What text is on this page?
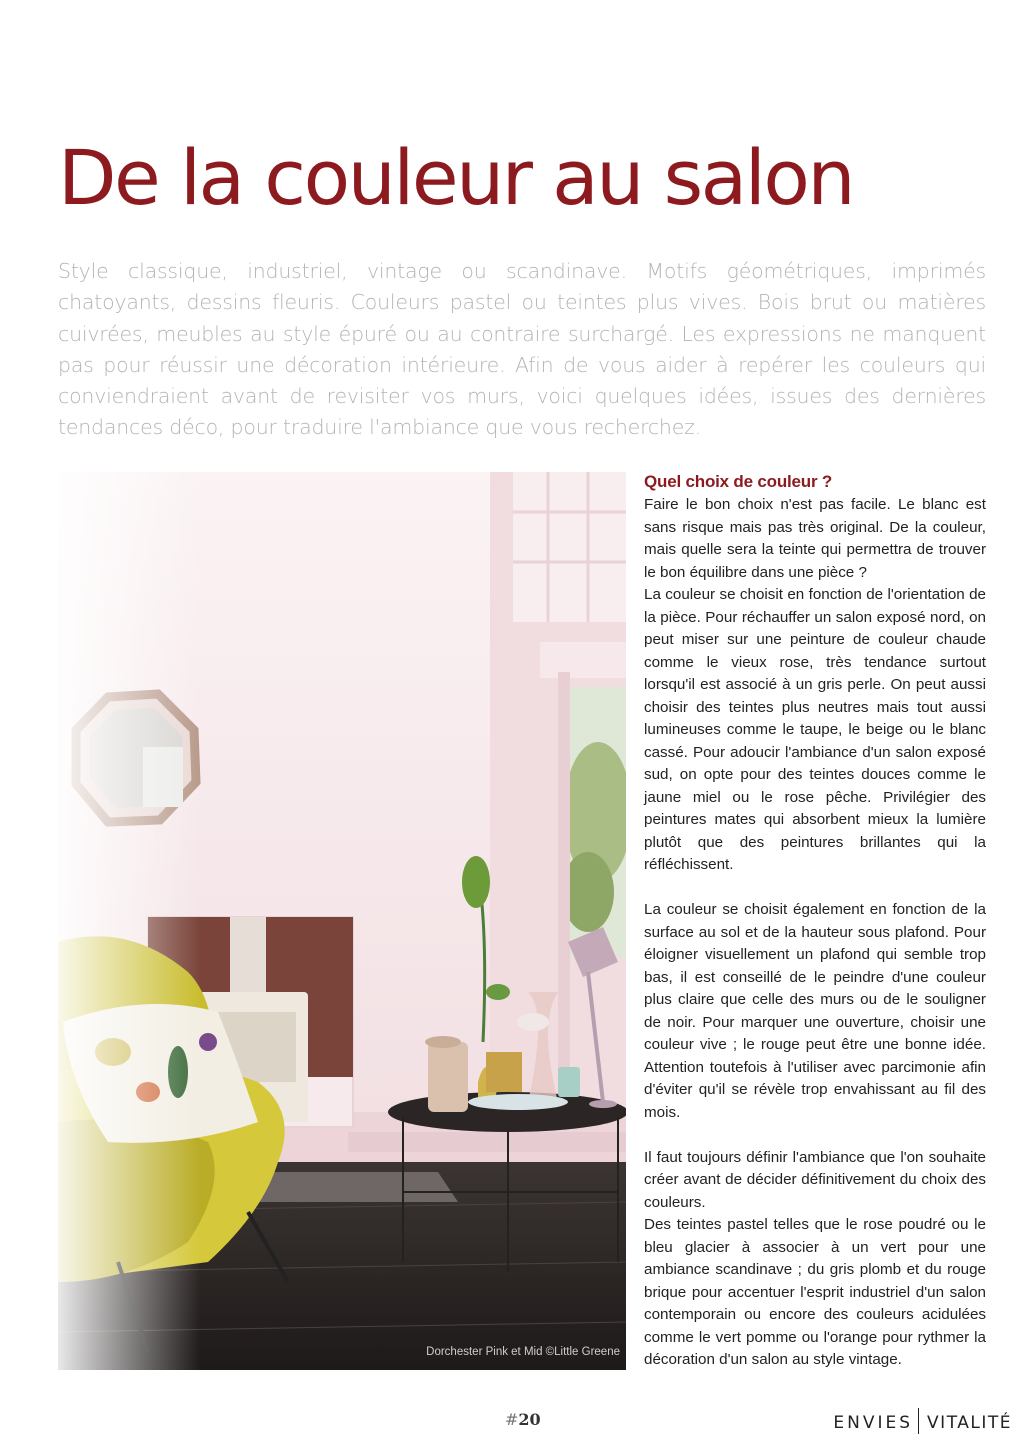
De la couleur au salon

Style classique, industriel, vintage ou scandinave. Motifs géométriques, imprimés chatoyants, dessins fleuris. Couleurs pastel ou teintes plus vives. Bois brut ou matières cuivrées, meubles au style épuré ou au contraire surchargé. Les expressions ne manquent pas pour réussir une décoration intérieure. Afin de vous aider à repérer les couleurs qui conviendraient avant de revisiter vos murs, voici quelques idées, issues des dernières tendances déco, pour traduire l'ambiance que vous recherchez.

Dorchester Pink et Mid ©Little Greene
Quel choix de couleur ?

Faire le bon choix n'est pas facile. Le blanc est sans risque mais pas très original. De la couleur, mais quelle sera la teinte qui permettra de trouver le bon équilibre dans une pièce ?

La couleur se choisit en fonction de l'orientation de la pièce. Pour réchauffer un salon exposé nord, on peut miser sur une peinture de couleur chaude comme le vieux rose, très tendance surtout lorsqu'il est associé à un gris perle. On peut aussi choisir des teintes plus neutres mais tout aussi lumineuses comme le taupe, le beige ou le blanc cassé. Pour adoucir l'ambiance d'un salon exposé sud, on opte pour des teintes douces comme le jaune miel ou le rose pêche. Privilégier des peintures mates qui absorbent mieux la lumière plutôt que des peintures brillantes qui la réfléchissent.

La couleur se choisit également en fonction de la surface au sol et de la hauteur sous plafond. Pour éloigner visuellement un plafond qui semble trop bas, il est conseillé de le peindre d'une couleur plus claire que celle des murs ou de le souligner de noir. Pour marquer une ouverture, choisir une couleur vive ; le rouge peut être une bonne idée. Attention toutefois à l'utiliser avec parcimonie afin d'éviter qu'il se révèle trop envahissant au fil des mois.

Il faut toujours définir l'ambiance que l'on souhaite créer avant de décider définitivement du choix des couleurs.

Des teintes pastel telles que le rose poudré ou le bleu glacier à associer à un vert pour une ambiance scandinave ; du gris plomb et du rouge brique pour accentuer l'esprit industriel d'un salon contemporain ou encore des couleurs acidulées comme le vert pomme ou l'orange pour rythmer la décoration d'un salon au style vintage.

#20	ENVIES VITALITÉ
